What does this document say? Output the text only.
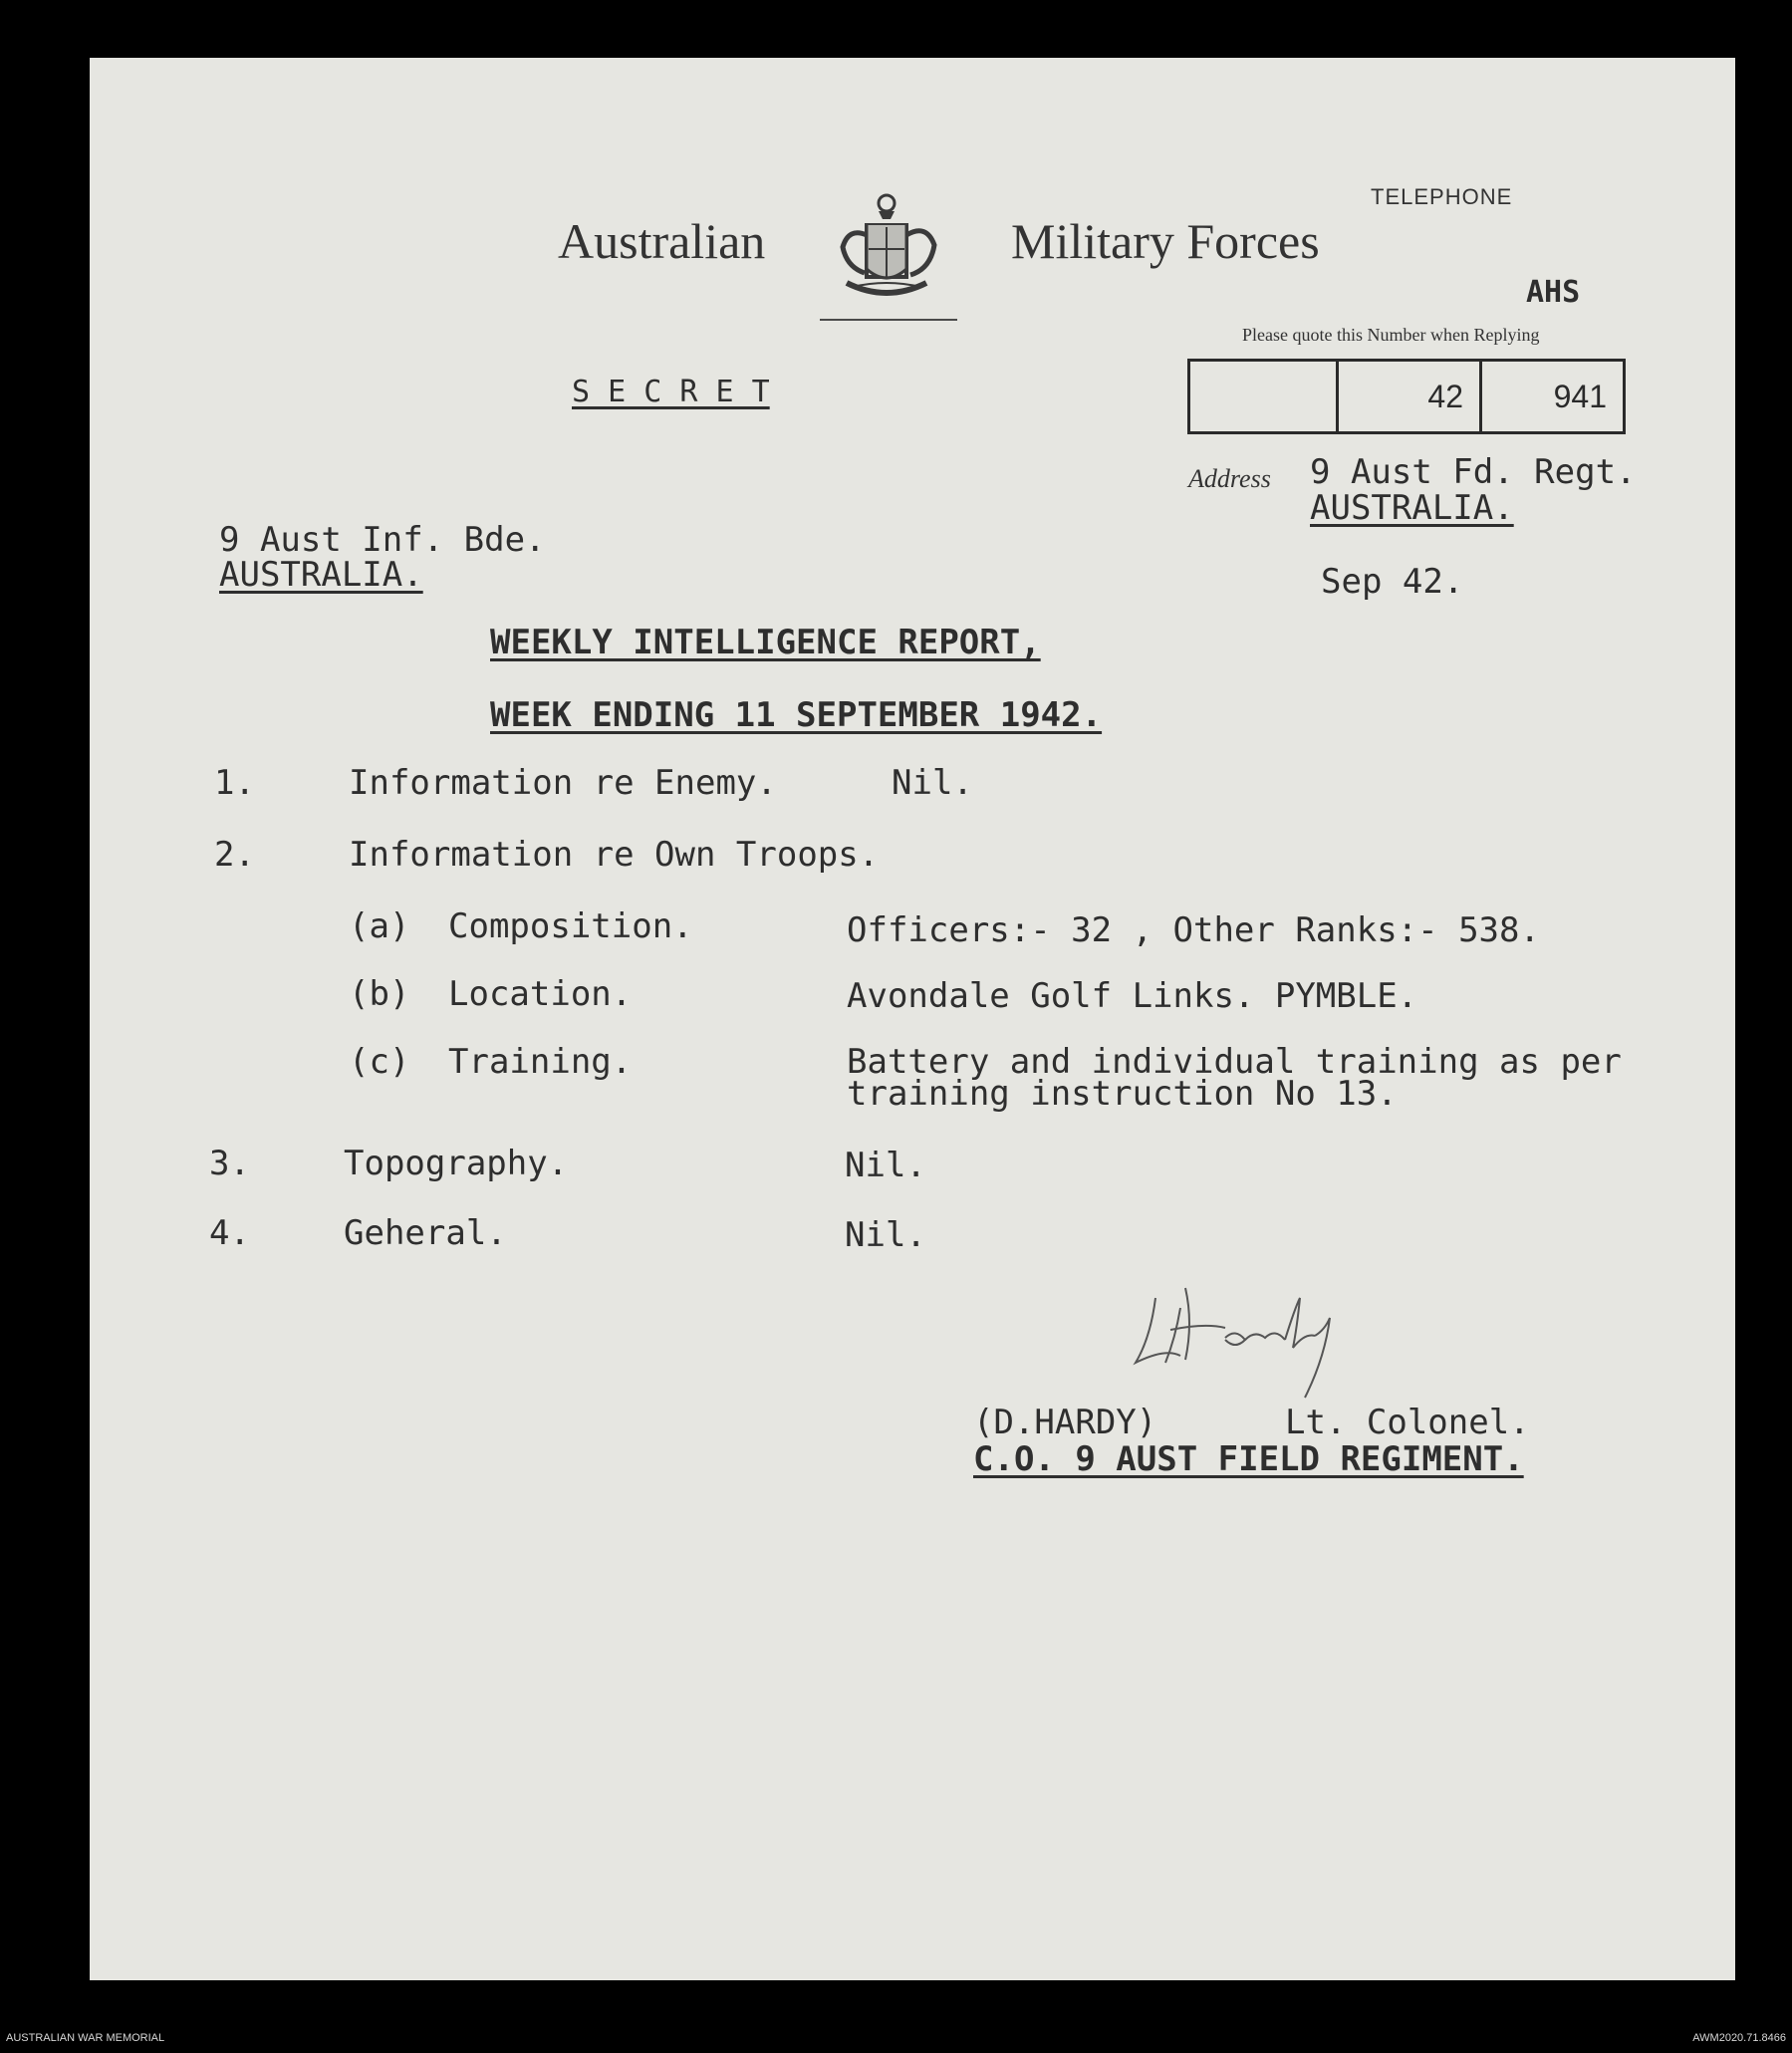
Australian	Military Forces
TELEPHONE
AHS
Please quote this Number when Replying
42	941
Address
S E C R E T
9 Aust Fd. Regt.
AUSTRALIA.
Sep 42.
9 Aust Inf. Bde.
AUSTRALIA.
WEEKLY INTELLIGENCE REPORT,
WEEK ENDING 11 SEPTEMBER 1942.
1.	Information re Enemy.	Nil.
2.	Information re Own Troops.
(a) Composition.	Officers:- 32 , Other Ranks:- 538.
(b) Location.	Avondale Golf Links. PYMBLE.
(c) Training.	Battery and individual training as per
training instruction No 13.
3.	Topography.	Nil.
4.	Geheral.	Nil.
(D.HARDY)	Lt. Colonel.
C.O. 9 AUST FIELD REGIMENT.
AUSTRALIAN WAR MEMORIAL	AWM2020.71.8466
